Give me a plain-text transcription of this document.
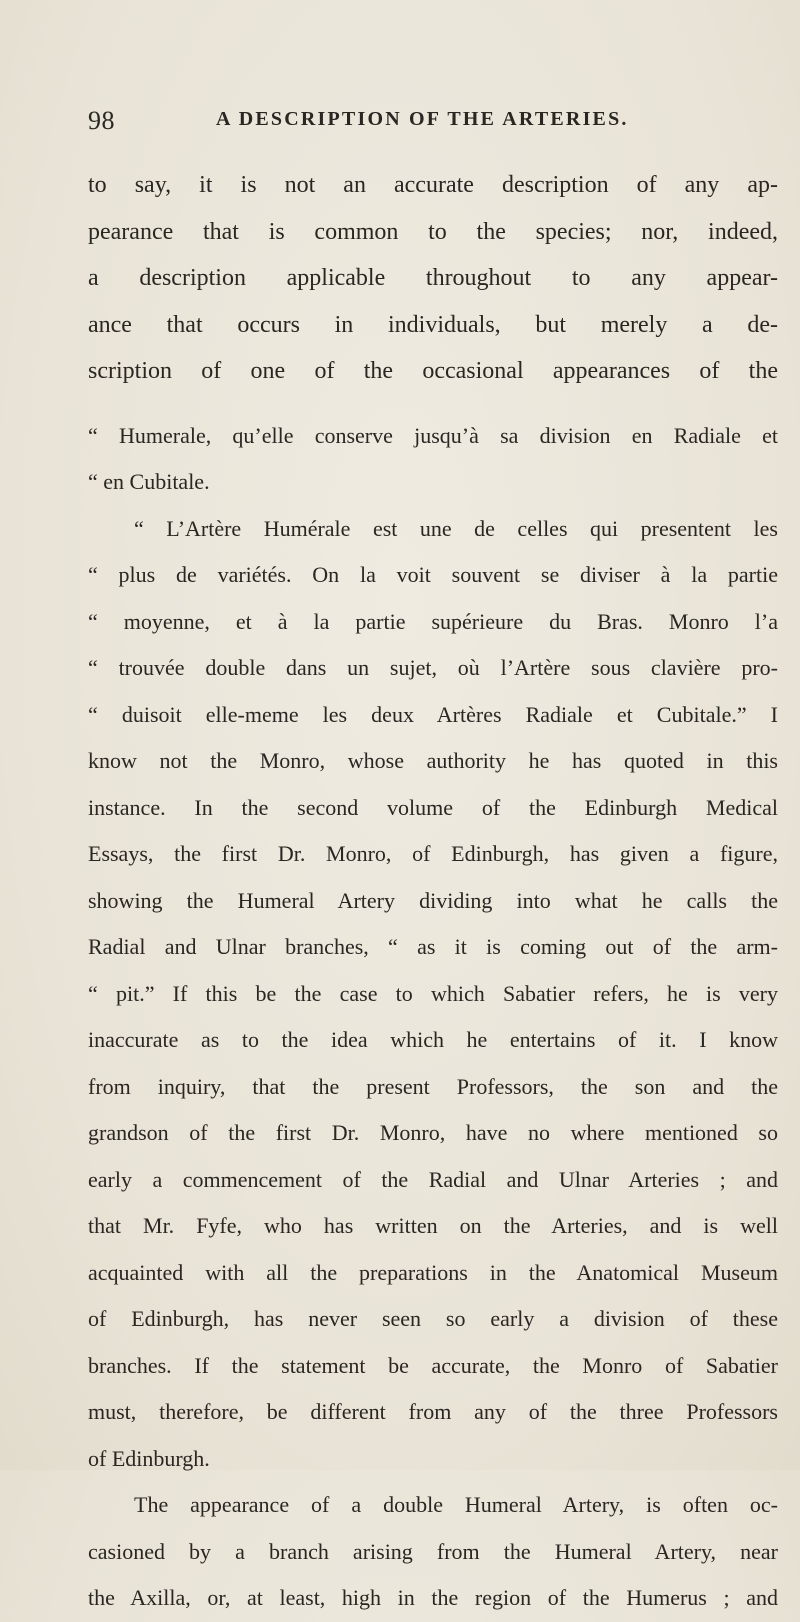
98	A DESCRIPTION OF THE ARTERIES.
to say, it is not an accurate description of any ap-
pearance that is common to the species; nor, indeed,
a description applicable throughout to any appear-
ance that occurs in individuals, but merely a de-
scription of one of the occasional appearances of the
“ Humerale, qu’elle conserve jusqu’à sa division en Radiale et
“ en Cubitale.
“ L’Artère Humérale est une de celles qui presentent les
“ plus de variétés. On la voit souvent se diviser à la partie
“ moyenne, et à la partie supérieure du Bras. Monro l’a
“ trouvée double dans un sujet, où l’Artère sous clavière pro-
“ duisoit elle-meme les deux Artères Radiale et Cubitale.” I
know not the Monro, whose authority he has quoted in this
instance. In the second volume of the Edinburgh Medical
Essays, the first Dr. Monro, of Edinburgh, has given a figure,
showing the Humeral Artery dividing into what he calls the
Radial and Ulnar branches, “ as it is coming out of the arm-
“ pit.” If this be the case to which Sabatier refers, he is very
inaccurate as to the idea which he entertains of it. I know
from inquiry, that the present Professors, the son and the
grandson of the first Dr. Monro, have no where mentioned so
early a commencement of the Radial and Ulnar Arteries ; and
that Mr. Fyfe, who has written on the Arteries, and is well
acquainted with all the preparations in the Anatomical Museum
of Edinburgh, has never seen so early a division of these
branches. If the statement be accurate, the Monro of Sabatier
must, therefore, be different from any of the three Professors
of Edinburgh.
The appearance of a double Humeral Artery, is often oc-
casioned by a branch arising from the Humeral Artery, near
the Axilla, or, at least, high in the region of the Humerus ; and
